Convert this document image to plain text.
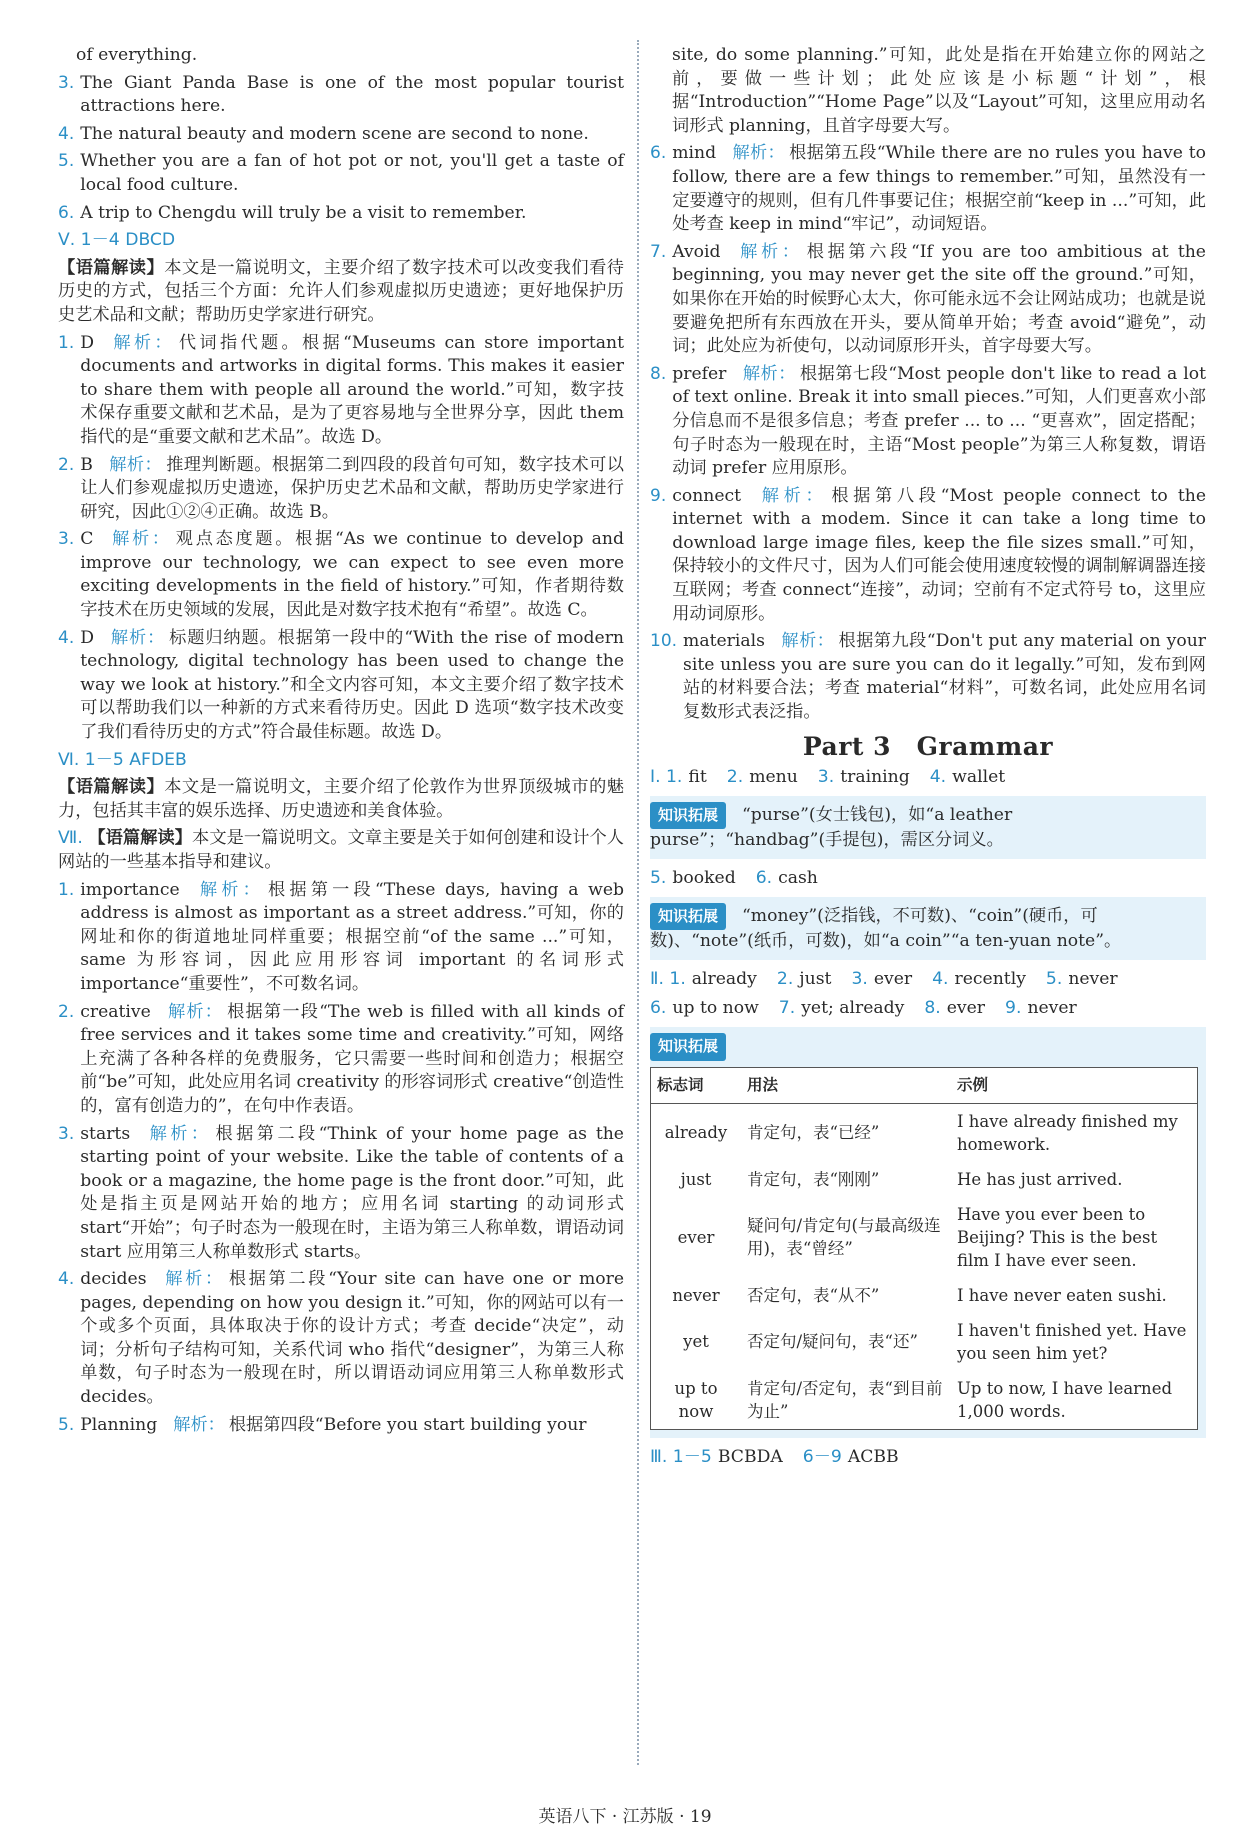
of everything.
3. The Giant Panda Base is one of the most popular tourist attractions here.
4. The natural beauty and modern scene are second to none.
5. Whether you are a fan of hot pot or not, you'll get a taste of local food culture.
6. A trip to Chengdu will truly be a visit to remember.
Ⅴ. 1－4 DBCD
【语篇解读】本文是一篇说明文，主要介绍了数字技术可以改变我们看待历史的方式，包括三个方面：允许人们参观虚拟历史遗迹；更好地保护历史艺术品和文献；帮助历史学家进行研究。
1. D 解析： 代词指代题。根据“Museums can store important documents and artworks in digital forms. This makes it easier to share them with people all around the world.”可知，数字技术保存重要文献和艺术品，是为了更容易地与全世界分享，因此 them 指代的是“重要文献和艺术品”。故选 D。
2. B 解析： 推理判断题。根据第二到四段的段首句可知，数字技术可以让人们参观虚拟历史遗迹，保护历史艺术品和文献，帮助历史学家进行研究，因此①②④正确。故选 B。
3. C 解析： 观点态度题。根据“As we continue to develop and improve our technology, we can expect to see even more exciting developments in the field of history.”可知，作者期待数字技术在历史领域的发展，因此是对数字技术抱有“希望”。故选 C。
4. D 解析： 标题归纳题。根据第一段中的“With the rise of modern technology, digital technology has been used to change the way we look at history.”和全文内容可知，本文主要介绍了数字技术可以帮助我们以一种新的方式来看待历史。因此 D 选项“数字技术改变了我们看待历史的方式”符合最佳标题。故选 D。
Ⅵ. 1－5 AFDEB
【语篇解读】本文是一篇说明文，主要介绍了伦敦作为世界顶级城市的魅力，包括其丰富的娱乐选择、历史遗迹和美食体验。
Ⅶ. 【语篇解读】本文是一篇说明文。文章主要是关于如何创建和设计个人网站的一些基本指导和建议。
1. importance 解析： 根据第一段“These days, having a web address is almost as important as a street address.”可知，你的网址和你的街道地址同样重要；根据空前“of the same ...”可知，same 为形容词，因此应用形容词 important 的名词形式 importance“重要性”，不可数名词。
2. creative 解析： 根据第一段“The web is filled with all kinds of free services and it takes some time and creativity.”可知，网络上充满了各种各样的免费服务，它只需要一些时间和创造力；根据空前“be”可知，此处应用名词 creativity 的形容词形式 creative“创造性的，富有创造力的”，在句中作表语。
3. starts 解析： 根据第二段“Think of your home page as the starting point of your website. Like the table of contents of a book or a magazine, the home page is the front door.”可知，此处是指主页是网站开始的地方；应用名词 starting 的动词形式 start“开始”；句子时态为一般现在时，主语为第三人称单数，谓语动词 start 应用第三人称单数形式 starts。
4. decides 解析： 根据第二段“Your site can have one or more pages, depending on how you design it.”可知，你的网站可以有一个或多个页面，具体取决于你的设计方式；考查 decide“决定”，动词；分析句子结构可知，关系代词 who 指代“designer”，为第三人称单数，句子时态为一般现在时，所以谓语动词应用第三人称单数形式 decides。
5. Planning 解析： 根据第四段“Before you start building your
site, do some planning.”可知，此处是指在开始建立你的网站之前，要做一些计划；此处应该是小标题“计划”，根据“Introduction”“Home Page”以及“Layout”可知，这里应用动名词形式 planning，且首字母要大写。
6. mind 解析： 根据第五段“While there are no rules you have to follow, there are a few things to remember.”可知，虽然没有一定要遵守的规则，但有几件事要记住；根据空前“keep in ...”可知，此处考查 keep in mind“牢记”，动词短语。
7. Avoid 解析： 根据第六段“If you are too ambitious at the beginning, you may never get the site off the ground.”可知，如果你在开始的时候野心太大，你可能永远不会让网站成功；也就是说要避免把所有东西放在开头，要从简单开始；考查 avoid“避免”，动词；此处应为祈使句，以动词原形开头，首字母要大写。
8. prefer 解析： 根据第七段“Most people don't like to read a lot of text online. Break it into small pieces.”可知，人们更喜欢小部分信息而不是很多信息；考查 prefer ... to ... “更喜欢”，固定搭配；句子时态为一般现在时，主语“Most people”为第三人称复数，谓语动词 prefer 应用原形。
9. connect 解析： 根据第八段“Most people connect to the internet with a modem. Since it can take a long time to download large image files, keep the file sizes small.”可知，保持较小的文件尺寸，因为人们可能会使用速度较慢的调制解调器连接互联网；考查 connect“连接”，动词；空前有不定式符号 to，这里应用动词原形。
10. materials 解析： 根据第九段“Don't put any material on your site unless you are sure you can do it legally.”可知，发布到网站的材料要合法；考查 material“材料”，可数名词，此处应用名词复数形式表泛指。
Part 3　Grammar
Ⅰ. 1. fit 2. menu 3. training 4. wallet
知识拓展 “purse”(女士钱包)，如“a leather purse”；“handbag”(手提包)，需区分词义。
5. booked 6. cash
知识拓展 “money”(泛指钱，不可数)、“coin”(硬币，可数)、“note”(纸币，可数)，如“a coin”“a ten-yuan note”。
Ⅱ. 1. already 2. just 3. ever 4. recently 5. never
6. up to now 7. yet; already 8. ever 9. never
知识拓展
标志词	用法	示例
already	肯定句，表“已经”	I have already finished my homework.
just	肯定句，表“刚刚”	He has just arrived.
ever	疑问句/肯定句(与最高级连用)，表“曾经”	Have you ever been to Beijing? This is the best film I have ever seen.
never	否定句，表“从不”	I have never eaten sushi.
yet	否定句/疑问句，表“还”	I haven't finished yet. Have you seen him yet?
up to now	肯定句/否定句，表“到目前为止”	Up to now, I have learned 1,000 words.
Ⅲ. 1－5 BCBDA 6－9 ACBB
英语八下 · 江苏版 · 19
